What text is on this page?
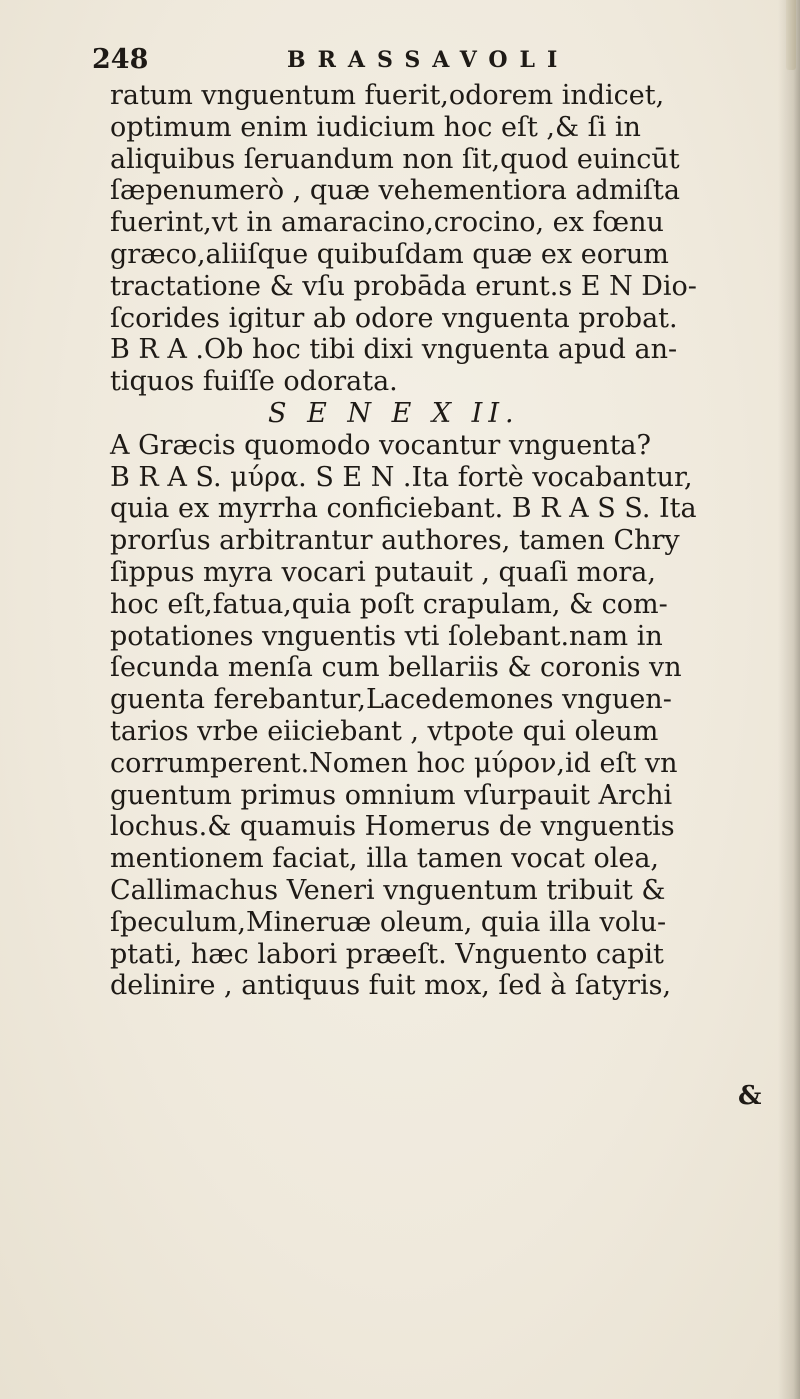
248	BRASSAVOLI
ratum vnguentum fuerit,odorem indicet,
optimum enim iudicium hoc eſt ,& ſi in
aliquibus ſeruandum non ſit,quod euincūt
ſæpenumerò , quæ vehementiora admiſta
fuerint,vt in amaracino,crocino, ex fœnu
græco,aliiſque quibuſdam quæ ex eorum
tractatione & vſu probāda erunt.s E N Dio-
ſcorides igitur ab odore vnguenta probat.
B R A .Ob hoc tibi dixi vnguenta apud an-
tiquos fuiſſe odorata.
S E N E X II.
A Græcis quomodo vocantur vnguenta?
B R A S. μύρα. S E N .Ita fortè vocabantur,
quia ex myrrha conficiebant. B R A S S. Ita
prorſus arbitrantur authores, tamen Chry
ſippus myra vocari putauit , quaſi mora,
hoc eſt,fatua,quia poſt crapulam, & com-
potationes vnguentis vti ſolebant.nam in
ſecunda menſa cum bellariis & coronis vn
guenta ferebantur,Lacedemones vnguen-
tarios vrbe eiiciebant , vtpote qui oleum
corrumperent.Nomen hoc μύρον,id eſt vn
guentum primus omnium vſurpauit Archi
lochus.& quamuis Homerus de vnguentis
mentionem faciat, illa tamen vocat olea,
Callimachus Veneri vnguentum tribuit &
ſpeculum,Mineruæ oleum, quia illa volu-
ptati, hæc labori præeſt. Vnguento capit
delinire , antiquus fuit mox, ſed à ſatyris,
&
